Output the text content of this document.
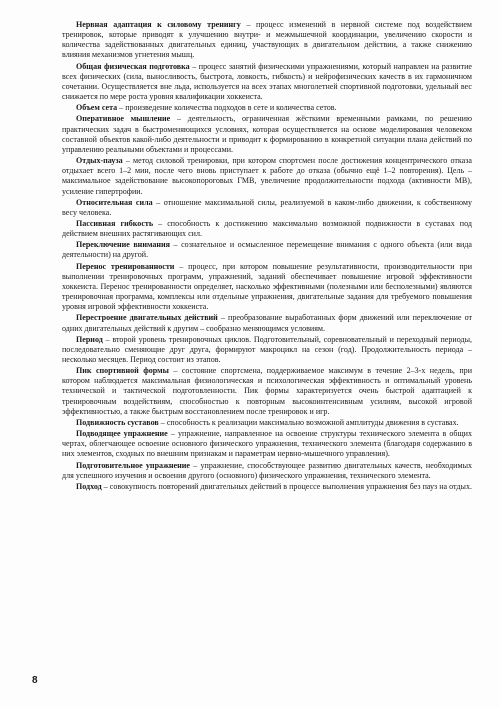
Нервная адаптация к силовому тренингу – процесс изменений в нервной системе под воздействием тренировок, которые приводят к улучшению внутри- и межмышечной координации, увеличению скорости и количества задействованных двигательных единиц, участвующих в двигательном действии, а также снижению влияния механизмов угнетения мышц.

Общая физическая подготовка – процесс занятий физическими упражнениями, который направлен на развитие всех физических (сила, выносливость, быстрота, ловкость, гибкость) и нейрофизических качеств в их гармоничном сочетании. Осуществляется вне льда, используется на всех этапах многолетней спортивной подготовки, удельный вес снижается по мере роста уровня квалификации хоккеиста.

Объем сета – произведение количества подходов в сете и количества сетов.

Оперативное мышление – деятельность, ограниченная жёсткими временными рамками, по решению практических задач в быстроменяющихся условиях, которая осуществляется на основе моделирования человеком составной объектов какой-либо деятельности и приводит к формированию в конкретной ситуации плана действий по управлению реальными объектами и процессами.

Отдых-пауза – метод силовой тренировки, при котором спортсмен после достижения концентрического отказа отдыхает всего 1–2 мин, после чего вновь приступает к работе до отказа (обычно ещё 1–2 повторения). Цель – максимальное задействование высокопороговых ГМВ, увеличение продолжительности подхода (активности МВ), усиление гипертрофии.

Относительная сила – отношение максимальной силы, реализуемой в каком-либо движении, к собственному весу человека.

Пассивная гибкость – способность к достижению максимально возможной подвижности в суставах под действием внешних растягивающих сил.

Переключение внимания – сознательное и осмысленное перемещение внимания с одного объекта (или вида деятельности) на другой.

Перенос тренированности – процесс, при котором повышение результативности, производительности при выполнении тренировочных программ, упражнений, заданий обеспечивает повышение игровой эффективности хоккеиста. Перенос тренированности определяет, насколько эффективными (полезными или бесполезными) являются тренировочная программа, комплексы или отдельные упражнения, двигательные задания для требуемого повышения уровня игровой эффективности хоккеиста.

Перестроение двигательных действий – преобразование выработанных форм движений или переключение от одних двигательных действий к другим – сообразно меняющимся условиям.

Период – второй уровень тренировочных циклов. Подготовительный, соревновательный и переходный периоды, последовательно сменяющие друг друга, формируют макроцикл на сезон (год). Продолжительность периода – несколько месяцев. Период состоит из этапов.

Пик спортивной формы – состояние спортсмена, поддерживаемое максимум в течение 2–3-х недель, при котором наблюдается максимальная физиологическая и психологическая эффективность и оптимальный уровень технической и тактической подготовленности. Пик формы характеризуется очень быстрой адаптацией к тренировочным воздействиям, способностью к повторным высокоинтенсивным усилиям, высокой игровой эффективностью, а также быстрым восстановлением после тренировок и игр.

Подвижность суставов – способность к реализации максимально возможной амплитуды движения в суставах.

Подводящее упражнение – упражнение, направленное на освоение структуры технического элемента в общих чертах, облегчающее освоение основного физического упражнения, технического элемента (благодаря содержанию в них элементов, сходных по внешним признакам и параметрам нервно-мышечного управления).

Подготовительное упражнение – упражнение, способствующее развитию двигательных качеств, необходимых для успешного изучения и освоения другого (основного) физического упражнения, технического элемента.

Подход – совокупность повторений двигательных действий в процессе выполнения упражнения без пауз на отдых.

8
